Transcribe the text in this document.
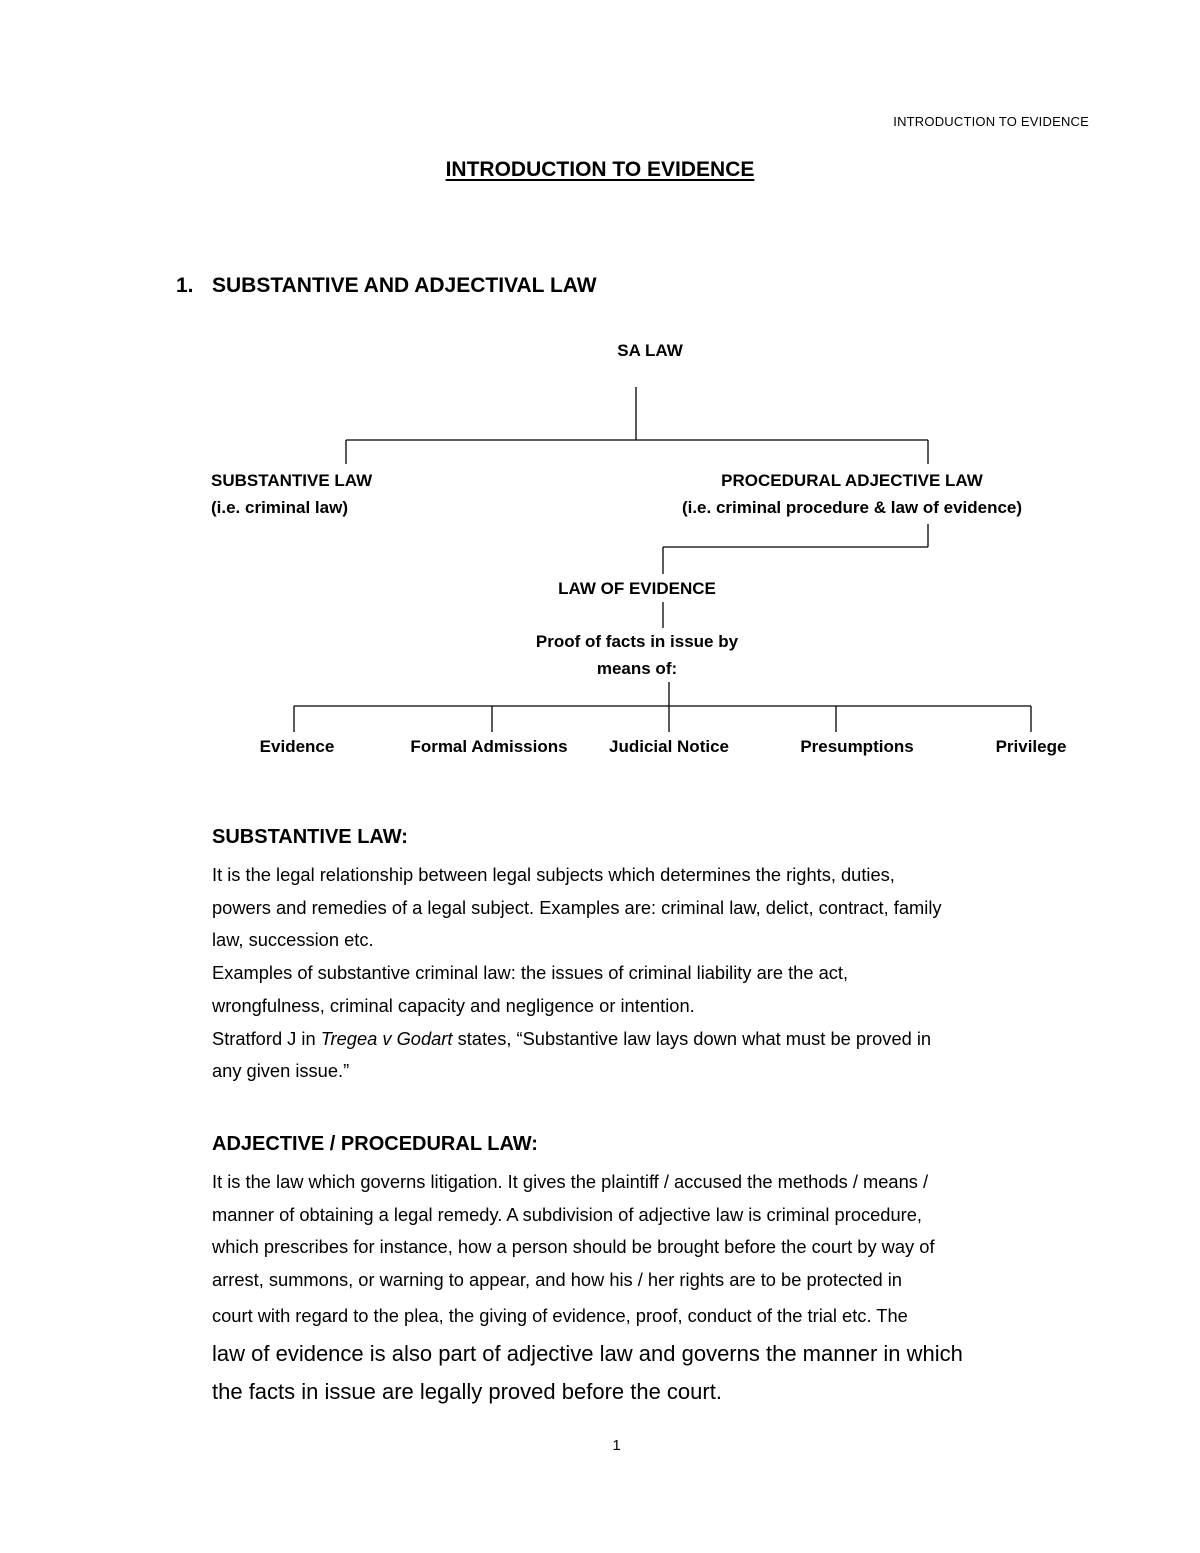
INTRODUCTION TO EVIDENCE
INTRODUCTION TO EVIDENCE
1. SUBSTANTIVE AND ADJECTIVAL LAW
SA LAW
SUBSTANTIVE LAW
(i.e. criminal law)
PROCEDURAL ADJECTIVE LAW
(i.e. criminal procedure & law of evidence)
LAW OF EVIDENCE
Proof of facts in issue by
means of:
Evidence	Formal Admissions Judicial Notice	Presumptions	Privilege
SUBSTANTIVE LAW:

It is the legal relationship between legal subjects which determines the rights, duties,

powers and remedies of a legal subject. Examples are: criminal law, delict, contract, family

law, succession etc.

Examples of substantive criminal law: the issues of criminal liability are the act,

wrongfulness, criminal capacity and negligence or intention.

Stratford J in Tregea v Godart states, “Substantive law lays down what must be proved in

any given issue.”

ADJECTIVE / PROCEDURAL LAW:

It is the law which governs litigation. It gives the plaintiff / accused the methods / means /

manner of obtaining a legal remedy. A subdivision of adjective law is criminal procedure,

which prescribes for instance, how a person should be brought before the court by way of

arrest, summons, or warning to appear, and how his / her rights are to be protected in

court with regard to the plea, the giving of evidence, proof, conduct of the trial etc. The

law of evidence is also part of adjective law and governs the manner in which

the facts in issue are legally proved before the court.

1
